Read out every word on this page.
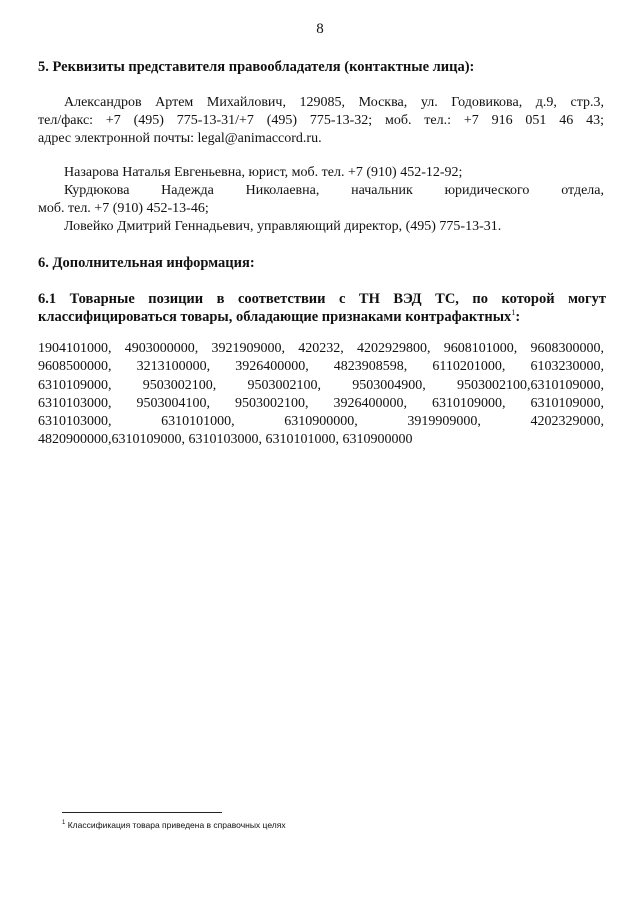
8
5. Реквизиты представителя правообладателя (контактные лица):
Александров Артем Михайлович, 129085, Москва, ул. Годовикова, д.9, стр.3,
тел/факс: +7 (495) 775-13-31/+7 (495) 775-13-32; моб. тел.: +7 916 051 46 43;
адрес электронной почты: legal@animaccord.ru.
Назарова Наталья Евгеньевна, юрист, моб. тел. +7 (910) 452-12-92;
Курдюкова Надежда Николаевна, начальник юридического отдела,
моб. тел. +7 (910) 452-13-46;
Ловейко Дмитрий Геннадьевич, управляющий директор, (495) 775-13-31.
6. Дополнительная информация:
6.1 Товарные позиции в соответствии с ТН ВЭД ТС, по которой могут
классифицироваться товары, обладающие признаками контрафактных$^1$:
1904101000, 4903000000, 3921909000, 420232, 4202929800, 9608101000, 9608300000,
9608500000, 3213100000, 3926400000, 4823908598, 6110201000, 6103230000,
6310109000, 9503002100, 9503002100, 9503004900, 9503002100,6310109000,
6310103000, 9503004100, 9503002100, 3926400000, 6310109000, 6310109000,
6310103000, 6310101000, 6310900000, 3919909000, 4202329000,
4820900000,6310109000, 6310103000, 6310101000, 6310900000
$^1$ Классификация товара приведена в справочных целях
